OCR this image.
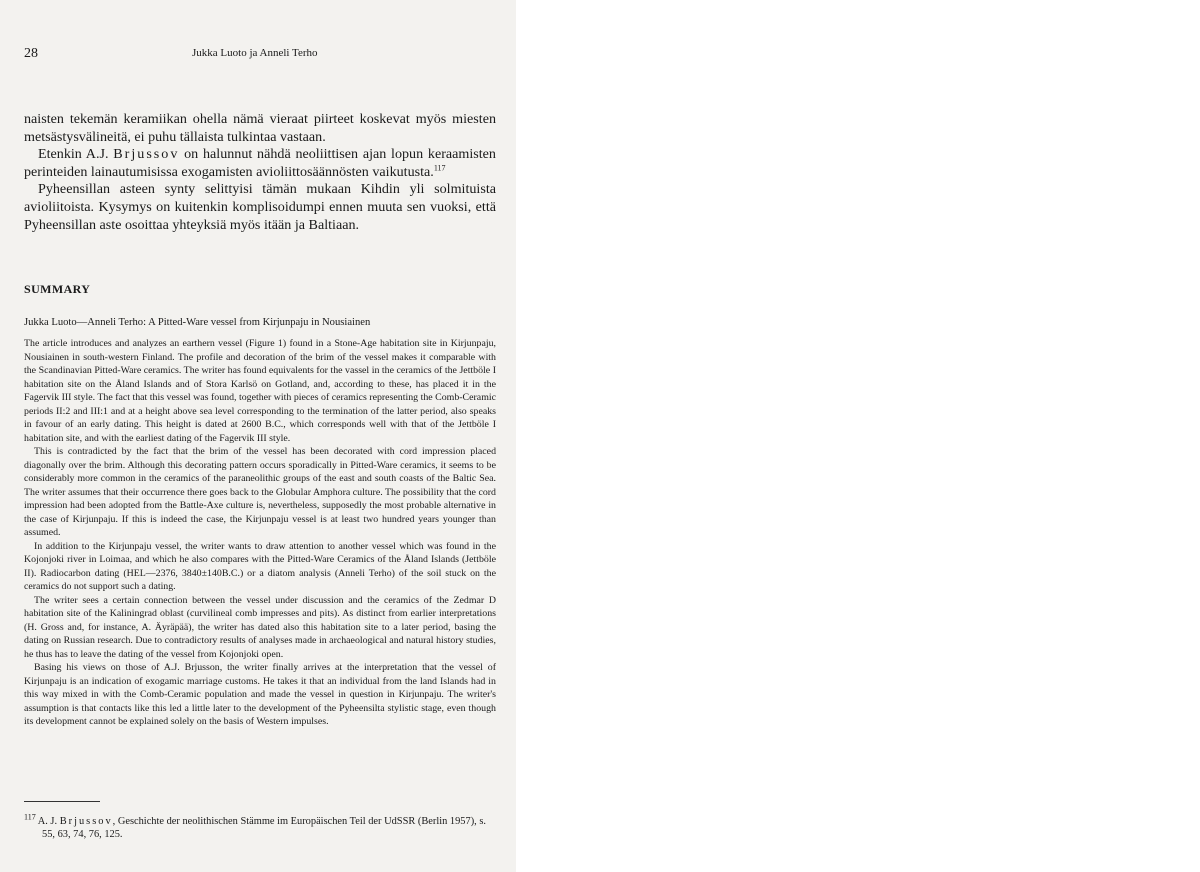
28	Jukka Luoto ja Anneli Terho

naisten tekemän keramiikan ohella nämä vieraat piirteet koskevat myös miesten metsästysvälineitä, ei puhu tällaista tulkintaa vastaan.

Etenkin A.J. Brjussov on halunnut nähdä neoliittisen ajan lopun keraamisten perinteiden lainautumisissa exogamisten avioliittosäännösten vaikutusta.$^{117}$

Pyheensillan asteen synty selittyisi tämän mukaan Kihdin yli solmituista avioliitoista. Kysymys on kuitenkin komplisoidumpi ennen muuta sen vuoksi, että Pyheensillan aste osoittaa yhteyksiä myös itään ja Baltiaan.

SUMMARY
Jukka Luoto—Anneli Terho: A Pitted-Ware vessel from Kirjunpaju in Nousiainen

The article introduces and analyzes an earthern vessel (Figure 1) found in a Stone-Age habitation site in Kirjunpaju, Nousiainen in south-western Finland. The profile and decoration of the brim of the vessel makes it comparable with the Scandinavian Pitted-Ware ceramics. The writer has found equivalents for the vassel in the ceramics of the Jettböle I habitation site on the Åland Islands and of Stora Karlsö on Gotland, and, according to these, has placed it in the Fagervik III style. The fact that this vessel was found, together with pieces of ceramics representing the Comb-Ceramic periods II:2 and III:1 and at a height above sea level corresponding to the termination of the latter period, also speaks in favour of an early dating. This height is dated at 2600 B.C., which corresponds well with that of the Jettböle I habitation site, and with the earliest dating of the Fagervik III style.

This is contradicted by the fact that the brim of the vessel has been decorated with cord impression placed diagonally over the brim. Although this decorating pattern occurs sporadically in Pitted-Ware ceramics, it seems to be considerably more common in the ceramics of the paraneolithic groups of the east and south coasts of the Baltic Sea. The writer assumes that their occurrence there goes back to the Globular Amphora culture. The possibility that the cord impression had been adopted from the Battle-Axe culture is, nevertheless, supposedly the most probable alternative in the case of Kirjunpaju. If this is indeed the case, the Kirjunpaju vessel is at least two hundred years younger than assumed.

In addition to the Kirjunpaju vessel, the writer wants to draw attention to another vessel which was found in the Kojonjoki river in Loimaa, and which he also compares with the Pitted-Ware Ceramics of the Åland Islands (Jettböle II). Radiocarbon dating (HEL—2376, 3840±140B.C.) or a diatom analysis (Anneli Terho) of the soil stuck on the ceramics do not support such a dating.

The writer sees a certain connection between the vessel under discussion and the ceramics of the Zedmar D habitation site of the Kaliningrad oblast (curvilineal comb impresses and pits). As distinct from earlier interpretations (H. Gross and, for instance, A. Äyräpää), the writer has dated also this habitation site to a later period, basing the dating on Russian research. Due to contradictory results of analyses made in archaeological and natural history studies, he thus has to leave the dating of the vessel from Kojonjoki open.

Basing his views on those of A.J. Brjusson, the writer finally arrives at the interpretation that the vessel of Kirjunpaju is an indication of exogamic marriage customs. He takes it that an individual from the land Islands had in this way mixed in with the Comb-Ceramic population and made the vessel in question in Kirjunpaju. The writer's assumption is that contacts like this led a little later to the development of the Pyheensilta stylistic stage, even though its development cannot be explained solely on the basis of Western impulses.

$^{117}$ A. J. Brjussov, Geschichte der neolithischen Stämme im Europäischen Teil der UdSSR (Berlin 1957), s. 55, 63, 74, 76, 125.
